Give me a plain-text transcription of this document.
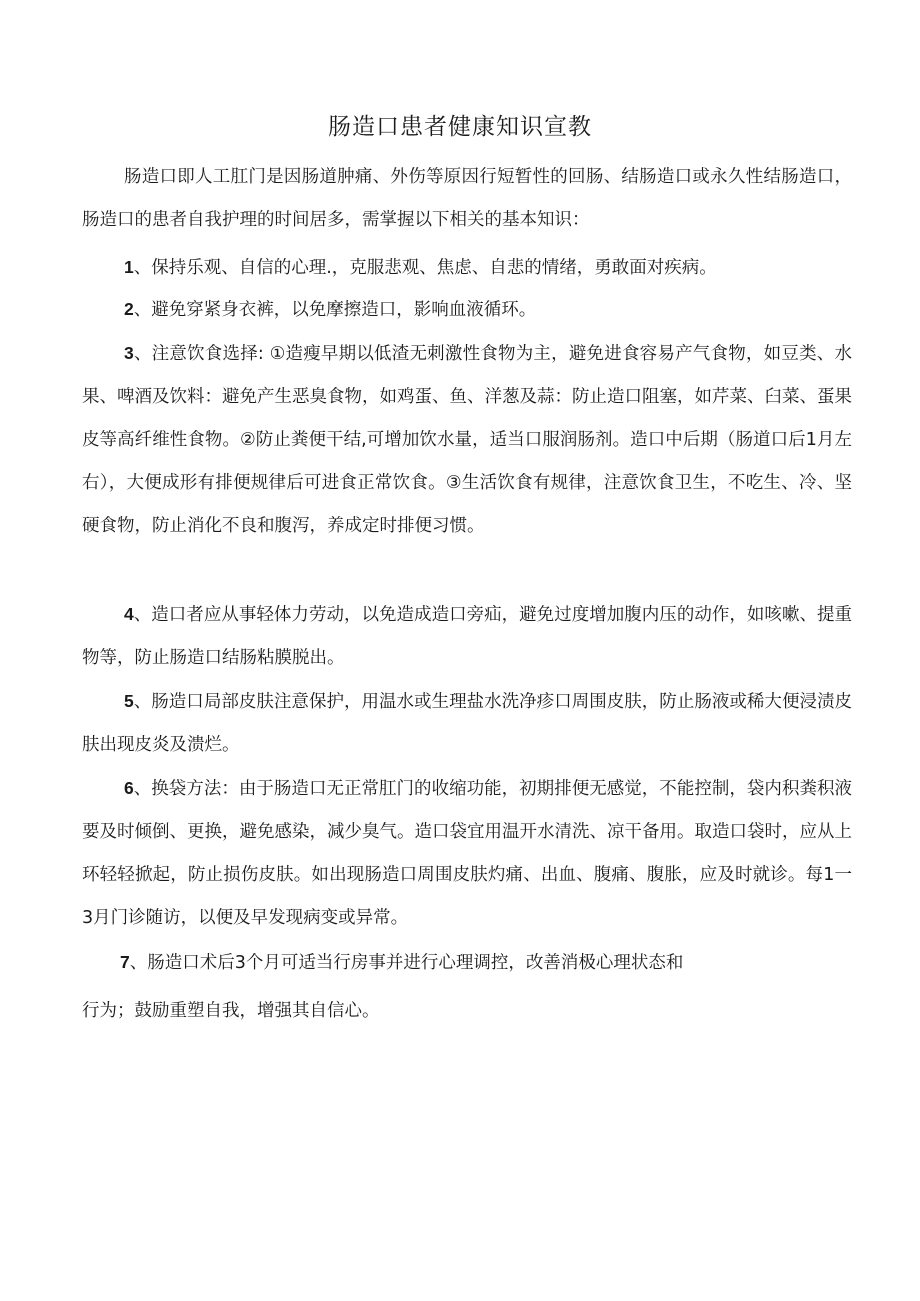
肠造口患者健康知识宣教
肠造口即人工肛门是因肠道肿痛、外伤等原因行短暂性的回肠、结肠造口或永久性结肠造口，肠造口的患者自我护理的时间居多，需掌握以下相关的基本知识：
1、保持乐观、自信的心理.，克服悲观、焦虑、自悲的情绪，勇敢面对疾病。
2、避免穿紧身衣裤，以免摩擦造口，影响血液循环。
3、注意饮食选择: ①造瘦早期以低渣无刺激性食物为主，避免进食容易产气食物，如豆类、水果、啤酒及饮料：避免产生恶臭食物，如鸡蛋、鱼、洋葱及蒜：防止造口阻塞，如芹菜、臼菜、蛋果皮等高纤维性食物。②防止粪便干结,可增加饮水量，适当口服润肠剂。造口中后期（肠道口后1月左右），大便成形有排便规律后可进食正常饮食。③生活饮食有规律，注意饮食卫生，不吃生、冷、坚硬食物，防止消化不良和腹泻，养成定时排便习惯。
4、造口者应从事轻体力劳动，以免造成造口旁疝，避免过度增加腹内压的动作，如咳嗽、提重物等，防止肠造口结肠粘膜脱出。
5、肠造口局部皮肤注意保护，用温水或生理盐水洗净疹口周围皮肤，防止肠液或稀大便浸渍皮肤出现皮炎及溃烂。
6、换袋方法：由于肠造口无正常肛门的收缩功能，初期排便无感觉，不能控制，袋内积粪积液要及时倾倒、更换，避免感染，减少臭气。造口袋宜用温开水清洗、凉干备用。取造口袋时，应从上环轻轻掀起，防止损伤皮肤。如出现肠造口周围皮肤灼痛、出血、腹痛、腹胀，应及时就诊。每1一3月门诊随访，以便及早发现病变或异常。
7、肠造口术后3个月可适当行房事并进行心理调控，改善消极心理状态和
行为；鼓励重塑自我，增强其自信心。
